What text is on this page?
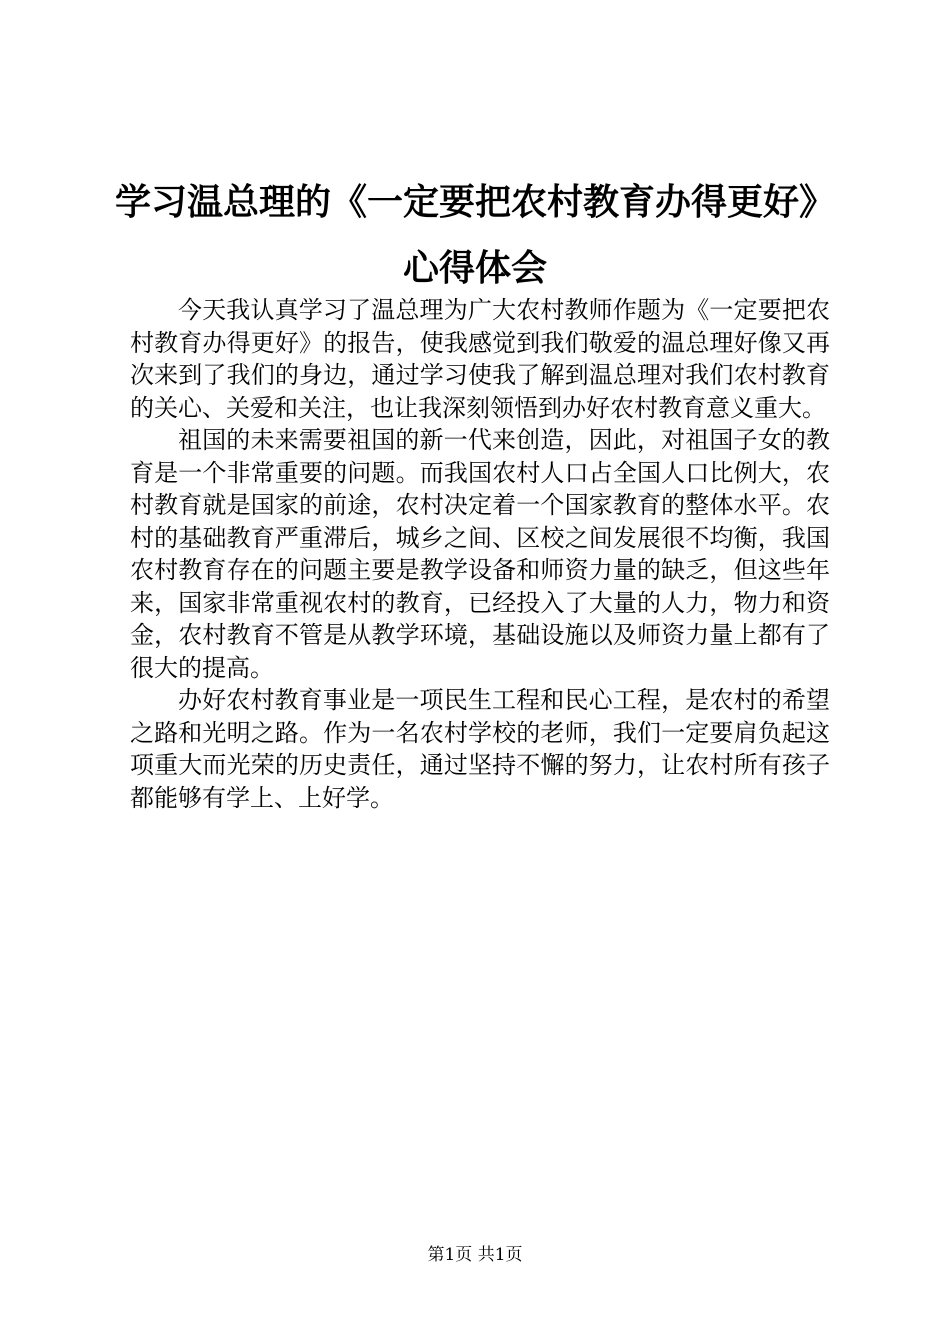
学习温总理的《一定要把农村教育办得更好》
心得体会

今天我认真学习了温总理为广大农村教师作题为《一定要把农村教育办得更好》的报告，使我感觉到我们敬爱的温总理好像又再次来到了我们的身边，通过学习使我了解到温总理对我们农村教育的关心、关爱和关注，也让我深刻领悟到办好农村教育意义重大。

祖国的未来需要祖国的新一代来创造，因此，对祖国子女的教育是一个非常重要的问题。而我国农村人口占全国人口比例大，农村教育就是国家的前途，农村决定着一个国家教育的整体水平。农村的基础教育严重滞后，城乡之间、区校之间发展很不均衡，我国农村教育存在的问题主要是教学设备和师资力量的缺乏，但这些年来，国家非常重视农村的教育，已经投入了大量的人力，物力和资金，农村教育不管是从教学环境，基础设施以及师资力量上都有了很大的提高。

办好农村教育事业是一项民生工程和民心工程，是农村的希望之路和光明之路。作为一名农村学校的老师，我们一定要肩负起这项重大而光荣的历史责任，通过坚持不懈的努力，让农村所有孩子都能够有学上、上好学。

第1页 共1页
